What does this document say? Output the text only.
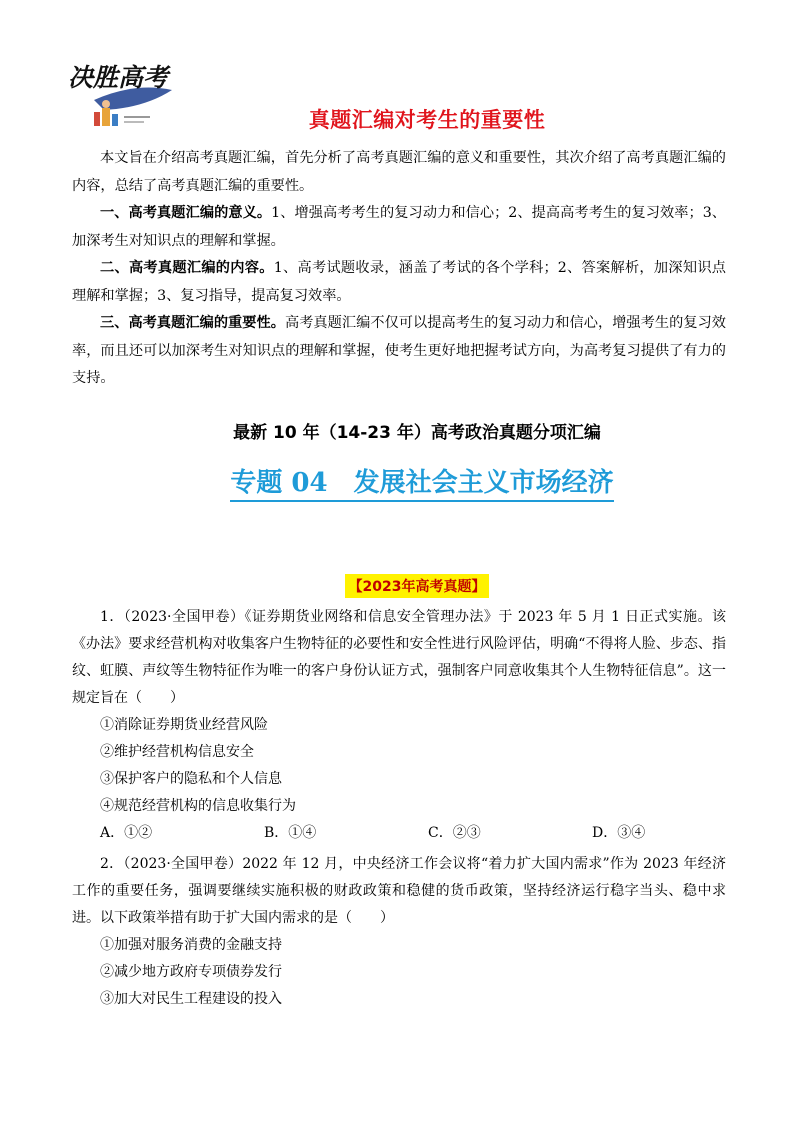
决胜高考
真题汇编对考生的重要性

本文旨在介绍高考真题汇编，首先分析了高考真题汇编的意义和重要性，其次介绍了高考真题汇编的内容，总结了高考真题汇编的重要性。

一、高考真题汇编的意义。1、增强高考考生的复习动力和信心；2、提高高考考生的复习效率；3、加深考生对知识点的理解和掌握。

二、高考真题汇编的内容。1、高考试题收录，涵盖了考试的各个学科；2、答案解析，加深知识点理解和掌握；3、复习指导，提高复习效率。

三、高考真题汇编的重要性。高考真题汇编不仅可以提高考生的复习动力和信心，增强考生的复习效率，而且还可以加深考生对知识点的理解和掌握，使考生更好地把握考试方向，为高考复习提供了有力的支持。

最新 10 年（14-23 年）高考政治真题分项汇编
专题 04　发展社会主义市场经济
【2023年高考真题】
1．（2023·全国甲卷）《证券期货业网络和信息安全管理办法》于 2023 年 5 月 1 日正式实施。该《办法》要求经营机构对收集客户生物特征的必要性和安全性进行风险评估，明确“不得将人脸、步态、指纹、虹膜、声纹等生物特征作为唯一的客户身份认证方式，强制客户同意收集其个人生物特征信息”。这一规定旨在（　　）
①消除证券期货业经营风险
②维护经营机构信息安全
③保护客户的隐私和个人信息
④规范经营机构的信息收集行为
A．①②	B．①④	C．②③	D．③④
2．（2023·全国甲卷）2022 年 12 月，中央经济工作会议将“着力扩大国内需求”作为 2023 年经济工作的重要任务，强调要继续实施积极的财政政策和稳健的货币政策，坚持经济运行稳字当头、稳中求进。以下政策举措有助于扩大国内需求的是（　　）
①加强对服务消费的金融支持
②减少地方政府专项债券发行
③加大对民生工程建设的投入
